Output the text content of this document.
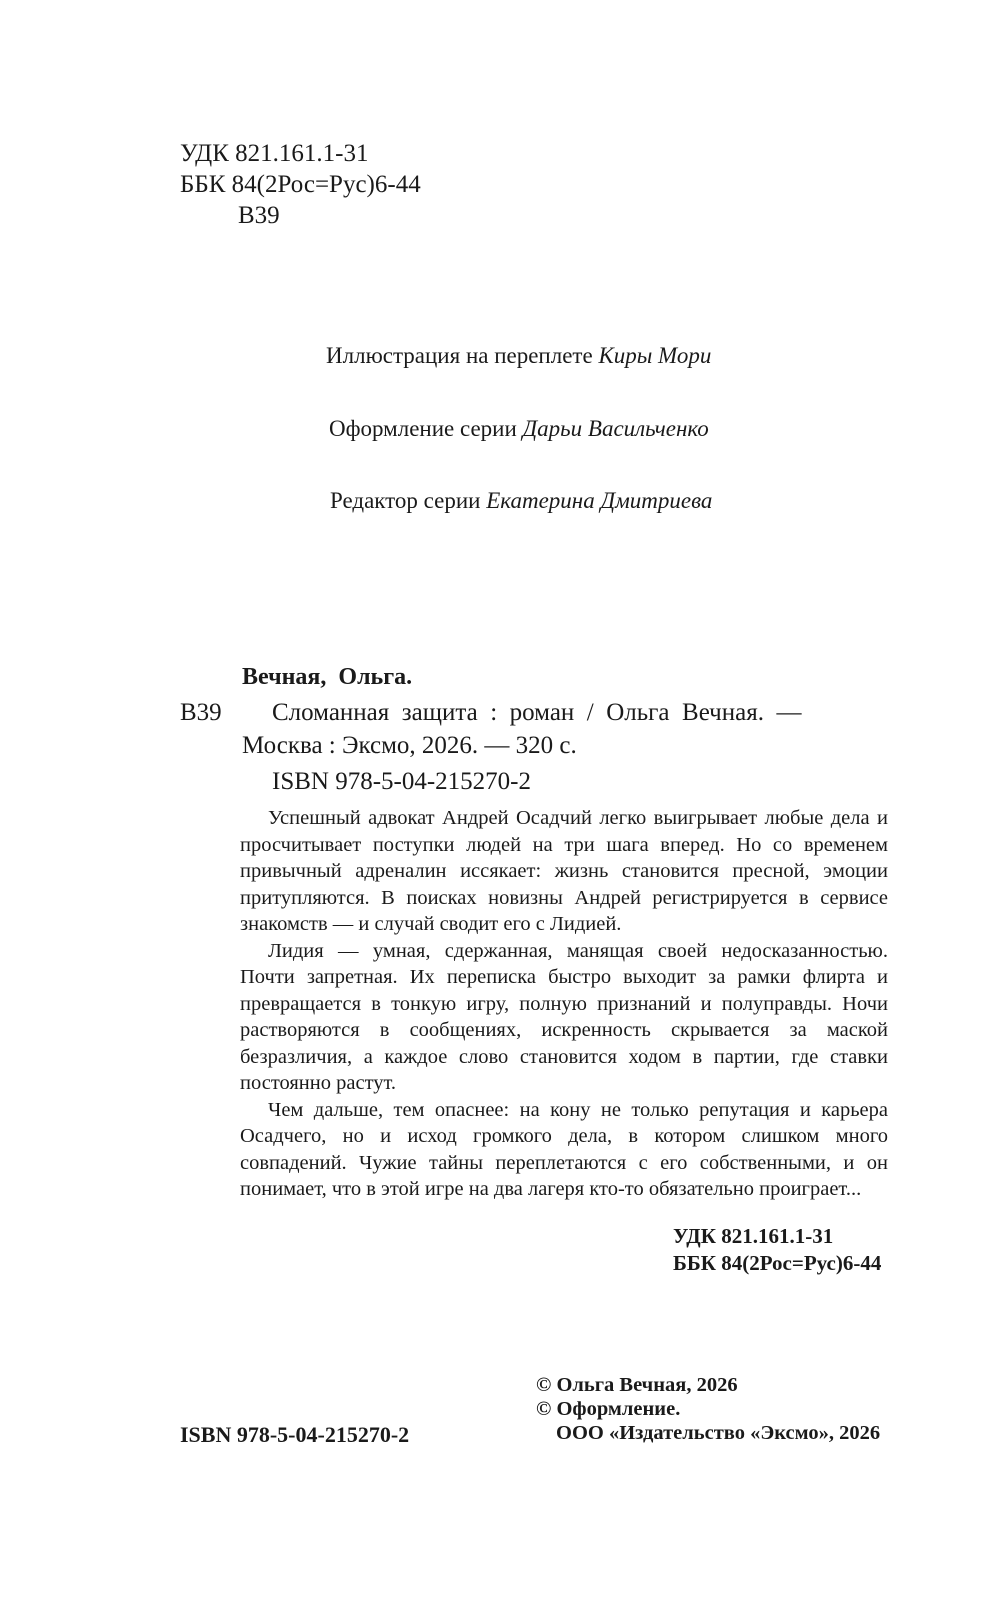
УДК 821.161.1-31
ББК 84(2Рос=Рус)6-44
В39
Иллюстрация на переплете Киры Мори
Оформление серии Дарьи Васильченко
Редактор серии Екатерина Дмитриева
Вечная,  Ольга.
В39 Сломанная  защита  :  роман  /  Ольга  Вечная.  —
Москва : Эксмо, 2026. — 320 с.
ISBN 978-5-04-215270-2

Успешный адвокат Андрей Осадчий легко выигрывает любые дела и просчитывает поступки людей на три шага вперед. Но со временем привычный адреналин иссякает: жизнь становится пресной, эмоции притупляются. В поисках новизны Андрей регистрируется в сервисе знакомств — и случай сводит его с Лидией.

Лидия — умная, сдержанная, манящая своей недосказанностью. Почти запретная. Их переписка быстро выходит за рамки флирта и превращается в тонкую игру, полную признаний и полуправды. Ночи растворяются в сообщениях, искренность скрывается за маской безразличия, а каждое слово становится ходом в партии, где ставки постоянно растут.

Чем дальше, тем опаснее: на кону не только репутация и карьера Осадчего, но и исход громкого дела, в котором слишком много совпадений. Чужие тайны переплетаются с его собственными, и он понимает, что в этой игре на два лагеря кто-то обязательно проиграет...

УДК 821.161.1-31
ББК 84(2Рос=Рус)6-44
ISBN 978-5-04-215270-2
© Ольга Вечная, 2026
© Оформление.
ООО «Издательство «Эксмо», 2026
